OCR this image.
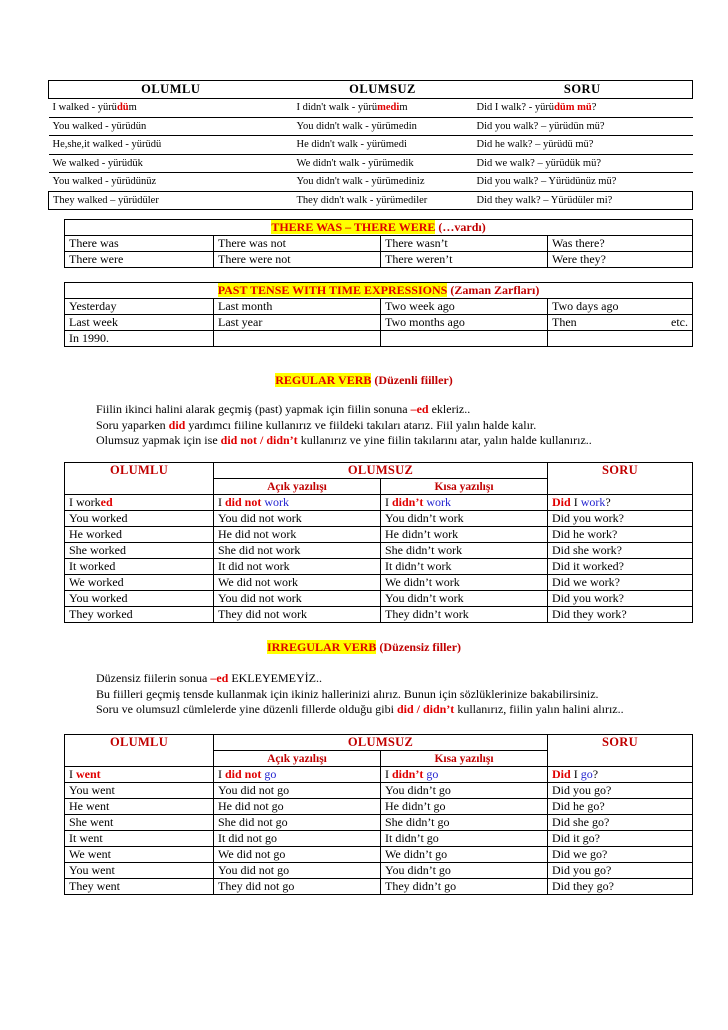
OLUMLU	OLUMSUZ	SORU
I walked - yürüdüm	I didn't walk - yürümedim	Did I walk? - yürüdüm mü?
You walked - yürüdün	You didn't walk - yürümedin	Did you walk? – yürüdün mü?
He,she,it walked - yürüdü	He didn't walk - yürümedi	Did he walk? – yürüdü mü?
We walked - yürüdük	We didn't walk - yürümedik	Did we walk? – yürüdük mü?
You walked - yürüdünüz	You didn't walk - yürümediniz	Did you walk? – Yürüdünüz mü?
They walked – yürüdüler	They didn't walk - yürümediler	Did they walk? – Yürüdüler mi?
THERE WAS – THERE WERE (…vardı)			
There was	There was not	There wasn’t	Was there?
There were	There were not	There weren’t	Were they?
PAST TENSE WITH TIME EXPRESSIONS (Zaman Zarfları)			
Yesterday	Last month	Two week ago	Two days ago
Last week	Last year	Two months ago	Then etc.

In 1990.			
REGULAR VERB (Düzenli fiiller)
Fiilin ikinci halini alarak geçmiş (past) yapmak için fiilin sonuna –ed ekleriz..
Soru yaparken did yardımcı fiiline kullanırız ve fiildeki takıları atarız. Fiil yalın halde kalır.
Olumsuz yapmak için ise did not / didn’t kullanırız ve yine fiilin takılarını atar, yalın halde kullanırız..
OLUMLU	OLUMSUZ		SORU
	Açık yazılışı	Kısa yazılışı	
I worked	I did not work	I didn’t work	Did I work?
You worked	You did not work	You didn’t work	Did you work?
He worked	He did not work	He didn’t work	Did he work?
She worked	She did not work	She didn’t work	Did she work?
It worked	It did not work	It didn’t work	Did it worked?
We worked	We did not work	We didn’t work	Did we work?
You worked	You did not work	You didn’t work	Did you work?
They worked	They did not work	They didn’t work	Did they work?
IRREGULAR VERB (Düzensiz filler)
Düzensiz fiilerin sonua –ed EKLEYEMEYİZ..
Bu fiilleri geçmiş tensde kullanmak için ikiniz hallerinizi alırız. Bunun için sözlüklerinize bakabilirsiniz.
Soru ve olumsuzl cümlelerde yine düzenli fillerde olduğu gibi did / didn’t kullanırız, fiilin yalın halini alırız..
OLUMLU	OLUMSUZ		SORU
	Açık yazılışı	Kısa yazılışı	
I went	I did not go	I didn’t go	Did I go?
You went	You did not go	You didn’t go	Did you go?
He went	He did not go	He didn’t go	Did he go?
She went	She did not go	She didn’t go	Did she go?
It went	It did not go	It didn’t go	Did it go?
We went	We did not go	We didn’t go	Did we go?
You went	You did not go	You didn’t go	Did you go?
They went	They did not go	They didn’t go	Did they go?
